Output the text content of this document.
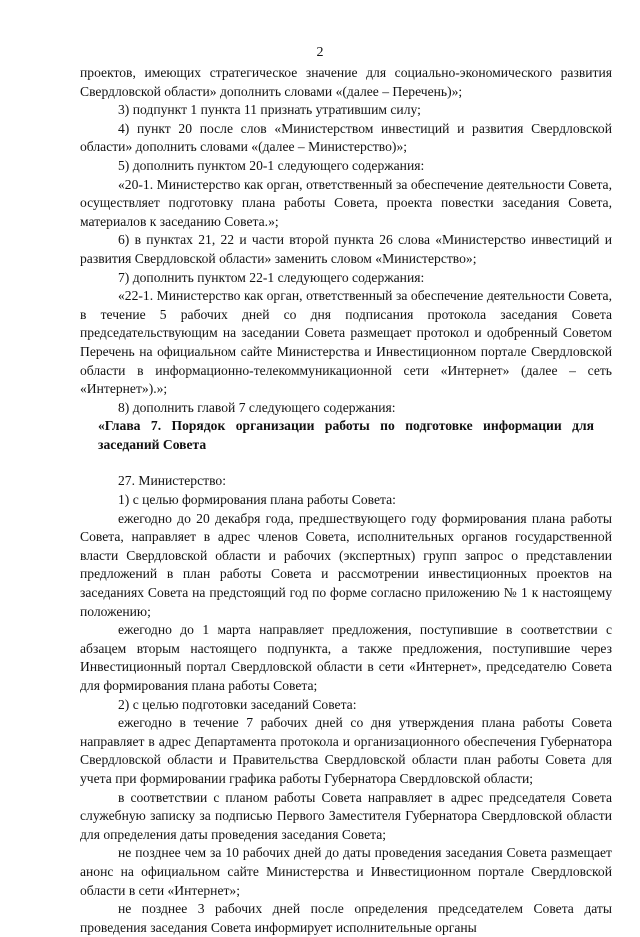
2

проектов, имеющих стратегическое значение для социально-экономического развития Свердловской области» дополнить словами «(далее – Перечень)»;

3) подпункт 1 пункта 11 признать утратившим силу;

4) пункт 20 после слов «Министерством инвестиций и развития Свердловской области» дополнить словами «(далее – Министерство)»;

5) дополнить пунктом 20-1 следующего содержания:

«20-1. Министерство как орган, ответственный за обеспечение деятельности Совета, осуществляет подготовку плана работы Совета, проекта повестки заседания Совета, материалов к заседанию Совета.»;

6) в пунктах 21, 22 и части второй пункта 26 слова «Министерство инвестиций и развития Свердловской области» заменить словом «Министерство»;

7) дополнить пунктом 22-1 следующего содержания:

«22-1. Министерство как орган, ответственный за обеспечение деятельности Совета, в течение 5 рабочих дней со дня подписания протокола заседания Совета председательствующим на заседании Совета размещает протокол и одобренный Советом Перечень на официальном сайте Министерства и Инвестиционном портале Свердловской области в информационно-телекоммуникационной сети «Интернет» (далее – сеть «Интернет»).»;

8) дополнить главой 7 следующего содержания:

«Глава 7. Порядок организации работы по подготовке информации для заседаний Совета

27. Министерство:

1) с целью формирования плана работы Совета:

ежегодно до 20 декабря года, предшествующего году формирования плана работы Совета, направляет в адрес членов Совета, исполнительных органов государственной власти Свердловской области и рабочих (экспертных) групп запрос о представлении предложений в план работы Совета и рассмотрении инвестиционных проектов на заседаниях Совета на предстоящий год по форме согласно приложению № 1 к настоящему положению;

ежегодно до 1 марта направляет предложения, поступившие в соответствии с абзацем вторым настоящего подпункта, а также предложения, поступившие через Инвестиционный портал Свердловской области в сети «Интернет», председателю Совета для формирования плана работы Совета;

2) с целью подготовки заседаний Совета:

ежегодно в течение 7 рабочих дней со дня утверждения плана работы Совета направляет в адрес Департамента протокола и организационного обеспечения Губернатора Свердловской области и Правительства Свердловской области план работы Совета для учета при формировании графика работы Губернатора Свердловской области;

в соответствии с планом работы Совета направляет в адрес председателя Совета служебную записку за подписью Первого Заместителя Губернатора Свердловской области для определения даты проведения заседания Совета;

не позднее чем за 10 рабочих дней до даты проведения заседания Совета размещает анонс на официальном сайте Министерства и Инвестиционном портале Свердловской области в сети «Интернет»;

не позднее 3 рабочих дней после определения председателем Совета даты проведения заседания Совета информирует исполнительные органы
